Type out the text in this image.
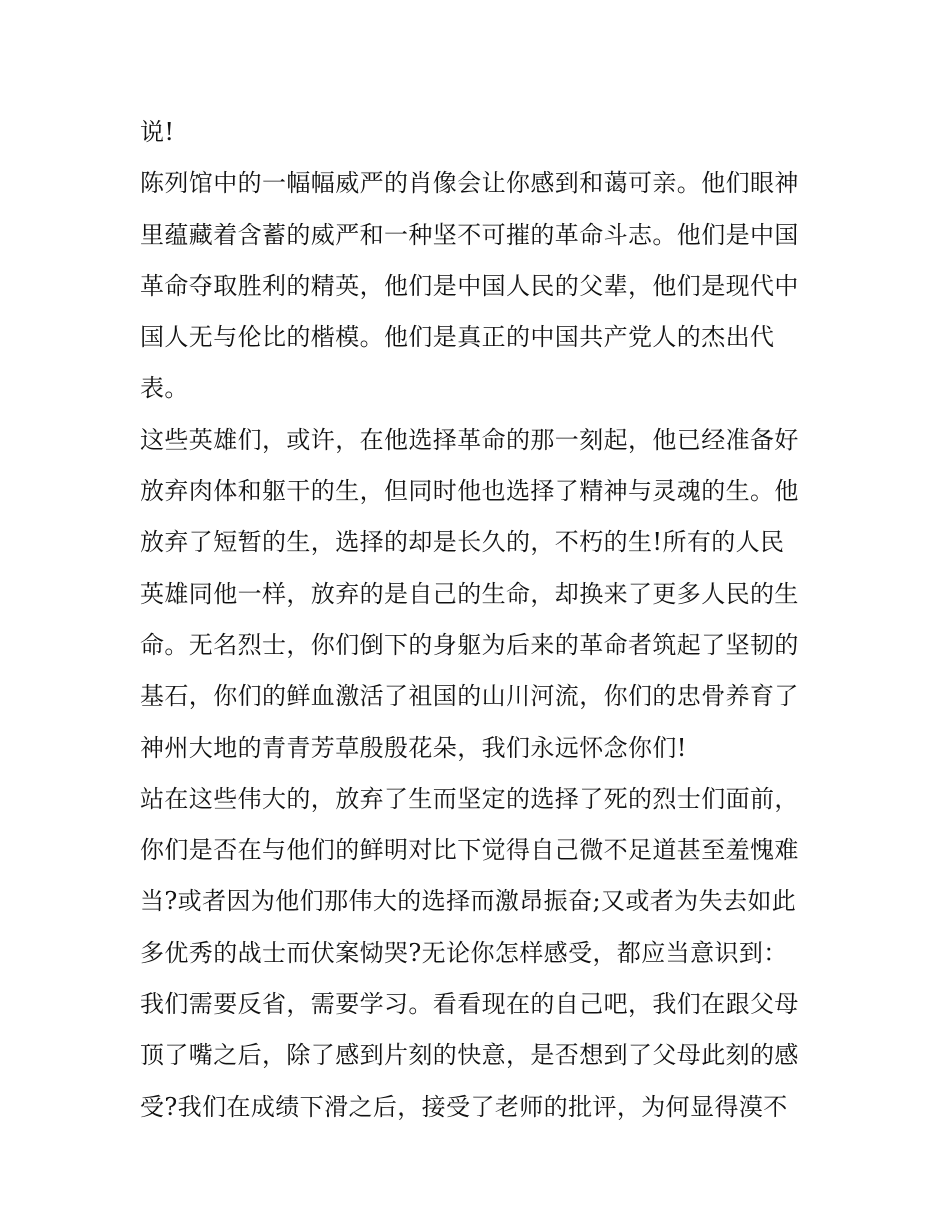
说!
陈列馆中的一幅幅威严的肖像会让你感到和蔼可亲。他们眼神
里蕴藏着含蓄的威严和一种坚不可摧的革命斗志。他们是中国
革命夺取胜利的精英，他们是中国人民的父辈，他们是现代中
国人无与伦比的楷模。他们是真正的中国共产党人的杰出代
表。
这些英雄们，或许，在他选择革命的那一刻起，他已经准备好
放弃肉体和躯干的生，但同时他也选择了精神与灵魂的生。他
放弃了短暂的生，选择的却是长久的，不朽的生!所有的人民
英雄同他一样，放弃的是自己的生命，却换来了更多人民的生
命。无名烈士，你们倒下的身躯为后来的革命者筑起了坚韧的
基石，你们的鲜血激活了祖国的山川河流，你们的忠骨养育了
神州大地的青青芳草殷殷花朵，我们永远怀念你们!
站在这些伟大的，放弃了生而坚定的选择了死的烈士们面前，
你们是否在与他们的鲜明对比下觉得自己微不足道甚至羞愧难
当?或者因为他们那伟大的选择而激昂振奋;又或者为失去如此
多优秀的战士而伏案恸哭?无论你怎样感受，都应当意识到：
我们需要反省，需要学习。看看现在的自己吧，我们在跟父母
顶了嘴之后，除了感到片刻的快意，是否想到了父母此刻的感
受?我们在成绩下滑之后，接受了老师的批评，为何显得漠不
